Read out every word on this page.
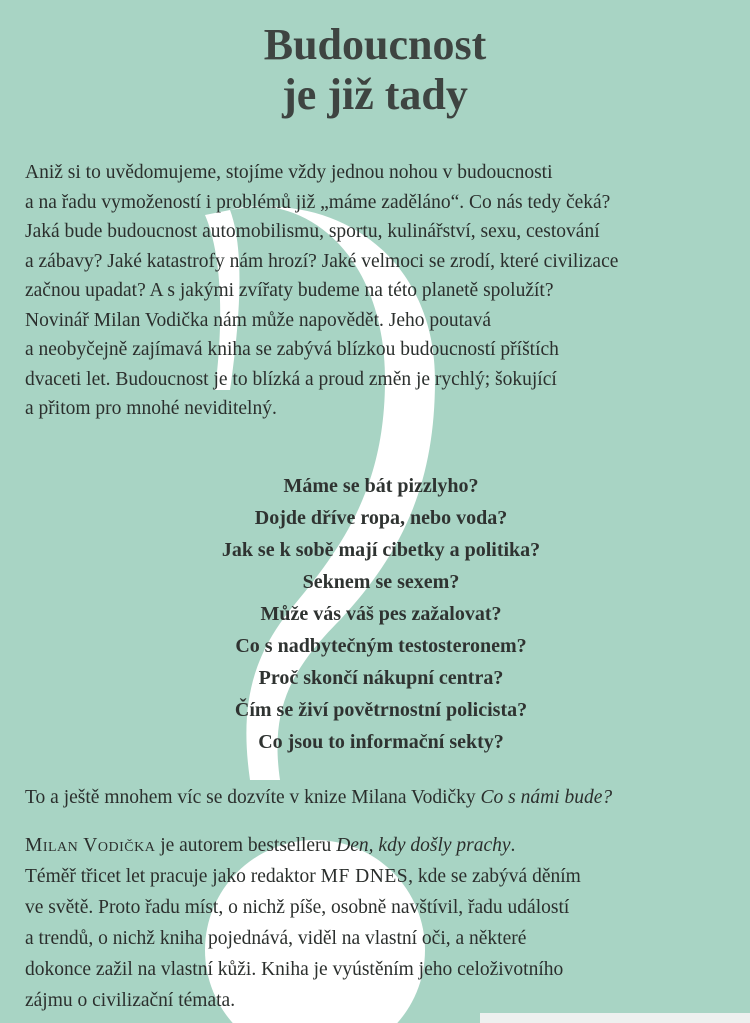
Budoucnost
je již tady
Aniž si to uvědomujeme, stojíme vždy jednou nohou v budoucnosti
a na řadu vymožeností i problémů již „máme zaděláno“. Co nás tedy čeká?
Jaká bude budoucnost automobilismu, sportu, kulinářství, sexu, cestování
a zábavy? Jaké katastrofy nám hrozí? Jaké velmoci se zrodí, které civilizace
začnou upadat? A s jakými zvířaty budeme na této planetě spolužít?
Novinář Milan Vodička nám může napovědět. Jeho poutavá
a neobyčejně zajímavá kniha se zabývá blízkou budoucností příštích
dvaceti let. Budoucnost je to blízká a proud změn je rychlý; šokující
a přitom pro mnohé neviditelný.
Máme se bát pizzlyho?
Dojde dříve ropa, nebo voda?
Jak se k sobě mají cibetky a politika?
Seknem se sexem?
Může vás váš pes zažalovat?
Co s nadbytečným testosteronem?
Proč skončí nákupní centra?
Čím se živí povětrnostní policista?
Co jsou to informační sekty?
To a ještě mnohem víc se dozvíte v knize Milana Vodičky Co s námi bude?
Milan Vodička je autorem bestselleru Den, kdy došly prachy.
Téměř třicet let pracuje jako redaktor MF DNES, kde se zabývá děním
ve světě. Proto řadu míst, o nichž píše, osobně navštívil, řadu událostí
a trendů, o nichž kniha pojednává, viděl na vlastní oči, a některé
dokonce zažil na vlastní kůži. Kniha je vyústěním jeho celoživotního
zájmu o civilizační témata.
